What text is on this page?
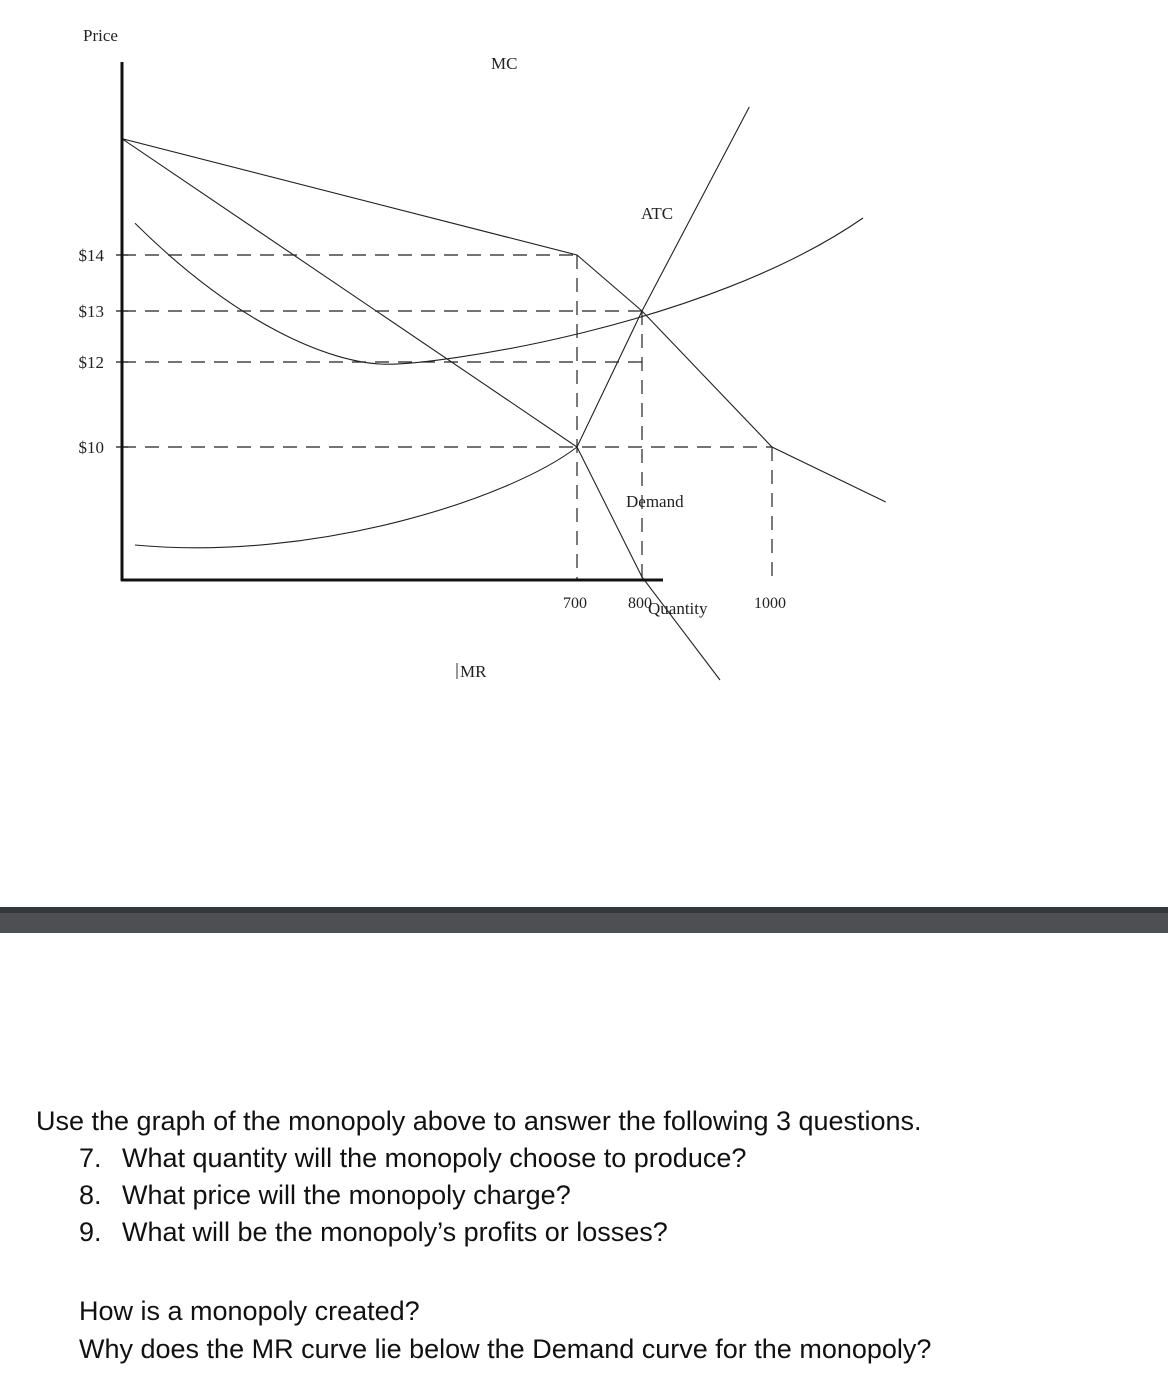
Price
Quantity
$14
$13
$12
$10
700	800	1000
MC
ATC
Demand
MR

Use the graph of the monopoly above to answer the following 3 questions.

7. What quantity will the monopoly choose to produce?
8. What price will the monopoly charge?
9. What will be the monopoly’s profits or losses?

How is a monopoly created?

Why does the MR curve lie below the Demand curve for the monopoly?
